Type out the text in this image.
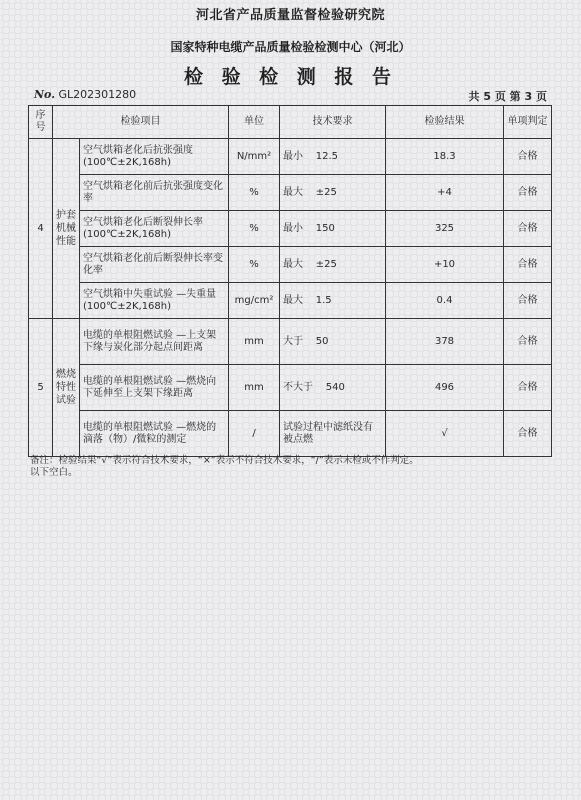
河北省产品质量监督检验研究院
国家特种电缆产品质量检验检测中心（河北）
检 验 检 测 报 告
No. GL202301280	共 5 页 第 3 页
序号	检验项目		单位	技术要求	检验结果	单项判定
4	护套机械性能	空气烘箱老化后抗张强度(100℃±2K,168h)	N/mm²	最小 12.5	18.3	合格
		空气烘箱老化前后抗张强度变化率	%	最大 ±25	+4	合格
		空气烘箱老化后断裂伸长率(100℃±2K,168h)	%	最小 150	325	合格
		空气烘箱老化前后断裂伸长率变化率	%	最大 ±25	+10	合格
		空气烘箱中失重试验 —失重量(100℃±2K,168h)	mg/cm²	最大 1.5	0.4	合格
5	燃烧特性试验	电缆的单根阻燃试验 —上支架下缘与炭化部分起点间距离	mm	大于 50	378	合格
		电缆的单根阻燃试验 —燃烧向下延伸至上支架下缘距离	mm	不大于 540	496	合格
		电缆的单根阻燃试验 —燃烧的滴落（物）/微粒的测定	/	试验过程中滤纸没有被点燃	√	合格

备注：检验结果“√”表示符合技术要求，“×”表示不符合技术要求，“/”表示未检或不作判定。

以下空白。
